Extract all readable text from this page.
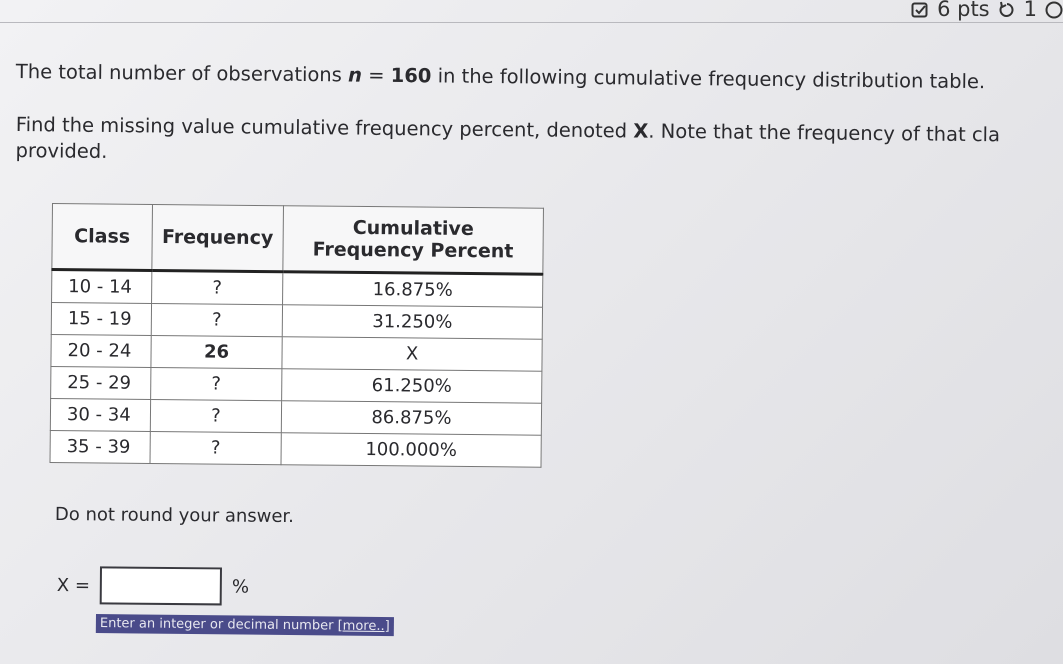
6 pts 1
The total number of observations n = 160 in the following cumulative frequency distribution table.
Find the missing value cumulative frequency percent, denoted X. Note that the frequency of that cla
provided.
Class	Frequency	Cumulative
Frequency Percent

10 - 14	?	16.875%
15 - 19	?	31.250%
20 - 24	26	X
25 - 29	?	61.250%
30 - 34	?	86.875%
35 - 39	?	100.000%
Do not round your answer.
X =	%
Enter an integer or decimal number [more..]
